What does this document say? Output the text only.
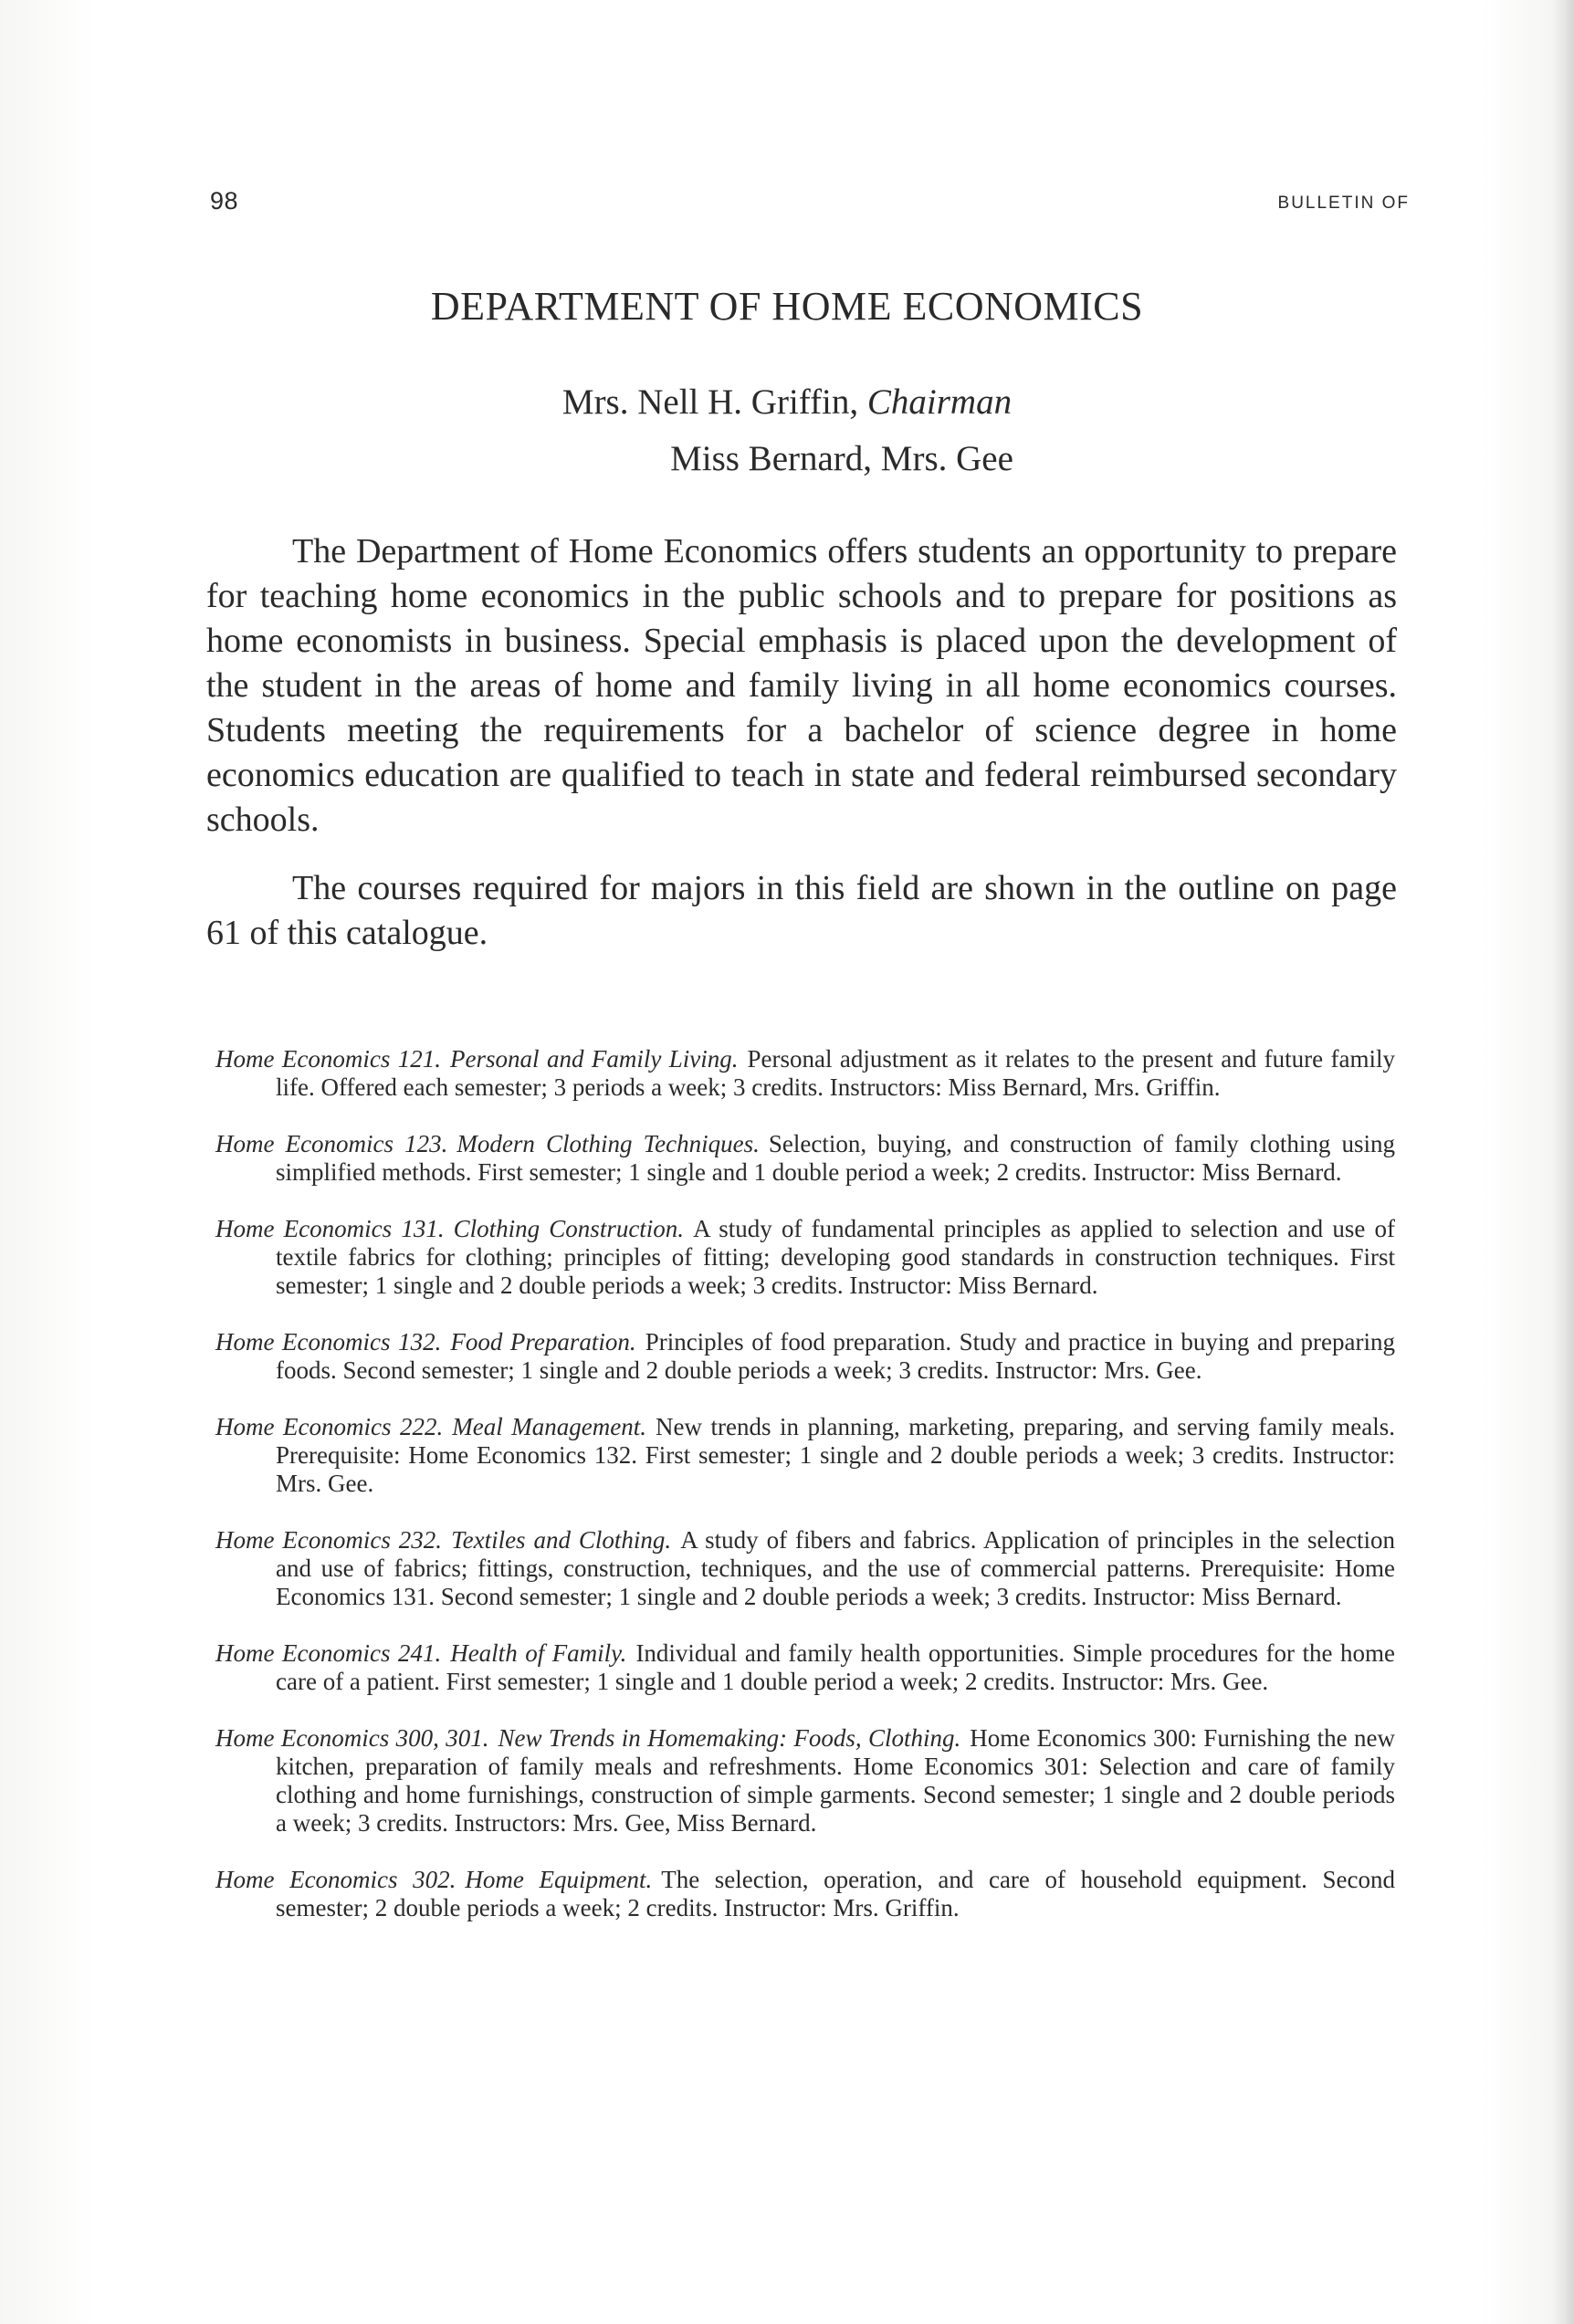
98	BULLETIN OF
DEPARTMENT OF HOME ECONOMICS
Mrs. Nell H. Griffin, Chairman
Miss Bernard, Mrs. Gee

The Department of Home Economics offers students an opportunity to prepare for teaching home economics in the public schools and to prepare for positions as home economists in business. Special emphasis is placed upon the development of the student in the areas of home and family living in all home economics courses. Students meeting the requirements for a bachelor of science degree in home economics education are qualified to teach in state and federal reimbursed secondary schools.

The courses required for majors in this field are shown in the outline on page 61 of this catalogue.

Home Economics 121. Personal and Family Living. Personal adjustment as it relates to the present and future family life. Offered each semester; 3 periods a week; 3 credits. Instructors: Miss Bernard, Mrs. Griffin.
Home Economics 123. Modern Clothing Techniques. Selection, buying, and construction of family clothing using simplified methods. First semester; 1 single and 1 double period a week; 2 credits. Instructor: Miss Bernard.
Home Economics 131. Clothing Construction. A study of fundamental principles as applied to selection and use of textile fabrics for clothing; principles of fitting; developing good standards in construction techniques. First semester; 1 single and 2 double periods a week; 3 credits. Instructor: Miss Bernard.
Home Economics 132. Food Preparation. Principles of food preparation. Study and practice in buying and preparing foods. Second semester; 1 single and 2 double periods a week; 3 credits. Instructor: Mrs. Gee.
Home Economics 222. Meal Management. New trends in planning, marketing, preparing, and serving family meals. Prerequisite: Home Economics 132. First semester; 1 single and 2 double periods a week; 3 credits. Instructor: Mrs. Gee.
Home Economics 232. Textiles and Clothing. A study of fibers and fabrics. Application of principles in the selection and use of fabrics; fittings, construction, techniques, and the use of commercial patterns. Prerequisite: Home Economics 131. Second semester; 1 single and 2 double periods a week; 3 credits. Instructor: Miss Bernard.
Home Economics 241. Health of Family. Individual and family health opportunities. Simple procedures for the home care of a patient. First semester; 1 single and 1 double period a week; 2 credits. Instructor: Mrs. Gee.
Home Economics 300, 301. New Trends in Homemaking: Foods, Clothing. Home Economics 300: Furnishing the new kitchen, preparation of family meals and refreshments. Home Economics 301: Selection and care of family clothing and home furnishings, construction of simple garments. Second semester; 1 single and 2 double periods a week; 3 credits. Instructors: Mrs. Gee, Miss Bernard.
Home Economics 302. Home Equipment. The selection, operation, and care of household equipment. Second semester; 2 double periods a week; 2 credits. Instructor: Mrs. Griffin.
